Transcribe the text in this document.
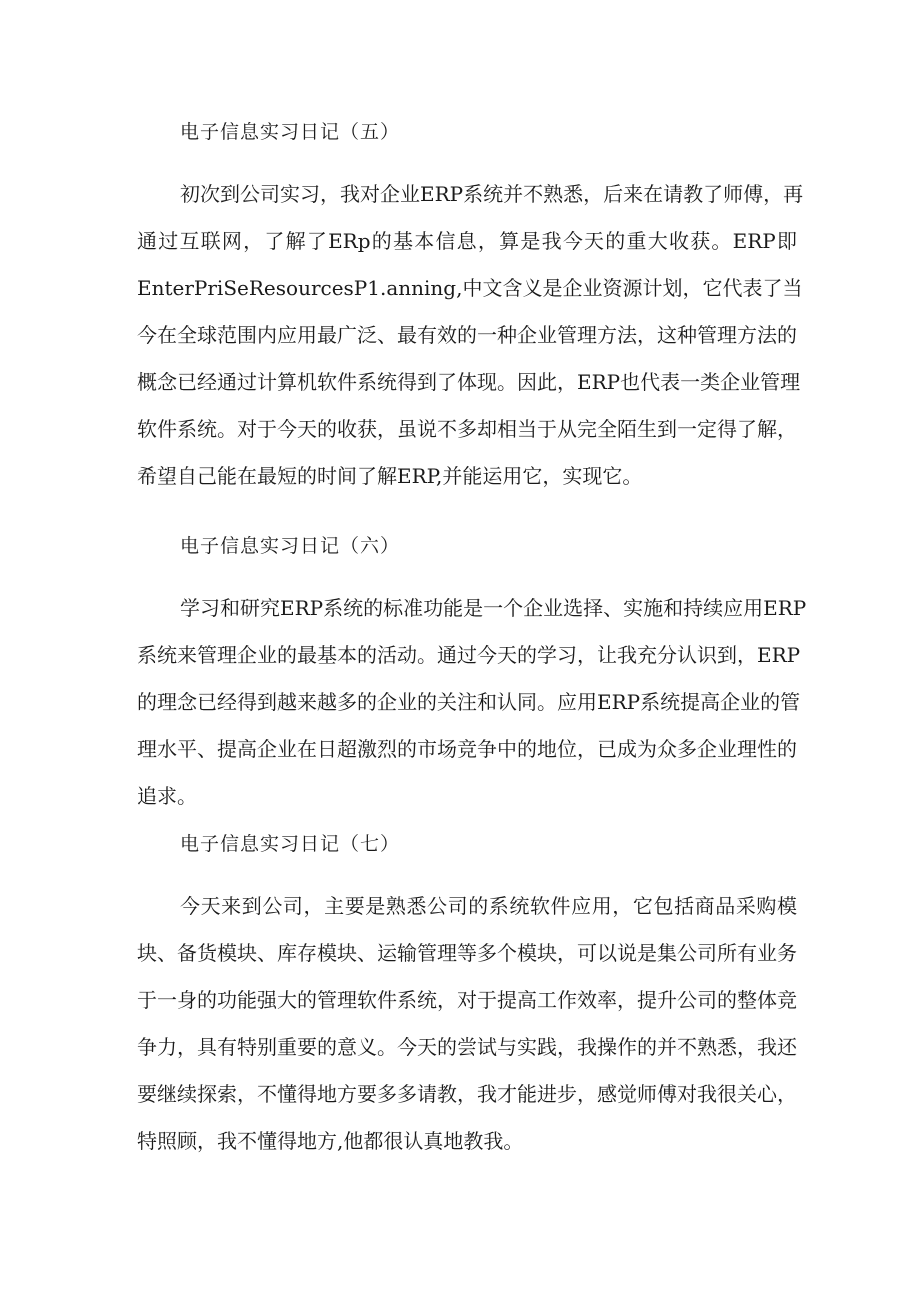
电子信息实习日记（五）
初次到公司实习，我对企业ERP系统并不熟悉，后来在请教了师傅，再
通过互联网，了解了ERp的基本信息，算是我今天的重大收获。ERP即
EnterPriSeResourcesP1.anning,中文含义是企业资源计划，它代表了当
今在全球范围内应用最广泛、最有效的一种企业管理方法，这种管理方法的
概念已经通过计算机软件系统得到了体现。因此，ERP也代表一类企业管理
软件系统。对于今天的收获，虽说不多却相当于从完全陌生到一定得了解，
希望自己能在最短的时间了解ERP,并能运用它，实现它。
电子信息实习日记（六）
学习和研究ERP系统的标准功能是一个企业选择、实施和持续应用ERP
系统来管理企业的最基本的活动。通过今天的学习，让我充分认识到，ERP
的理念已经得到越来越多的企业的关注和认同。应用ERP系统提高企业的管
理水平、提高企业在日超激烈的市场竞争中的地位，已成为众多企业理性的
追求。
电子信息实习日记（七）
今天来到公司，主要是熟悉公司的系统软件应用，它包括商品采购模
块、备货模块、库存模块、运输管理等多个模块，可以说是集公司所有业务
于一身的功能强大的管理软件系统，对于提高工作效率，提升公司的整体竞
争力，具有特别重要的意义。今天的尝试与实践，我操作的并不熟悉，我还
要继续探索，不懂得地方要多多请教，我才能进步，感觉师傅对我很关心，
特照顾，我不懂得地方,他都很认真地教我。
